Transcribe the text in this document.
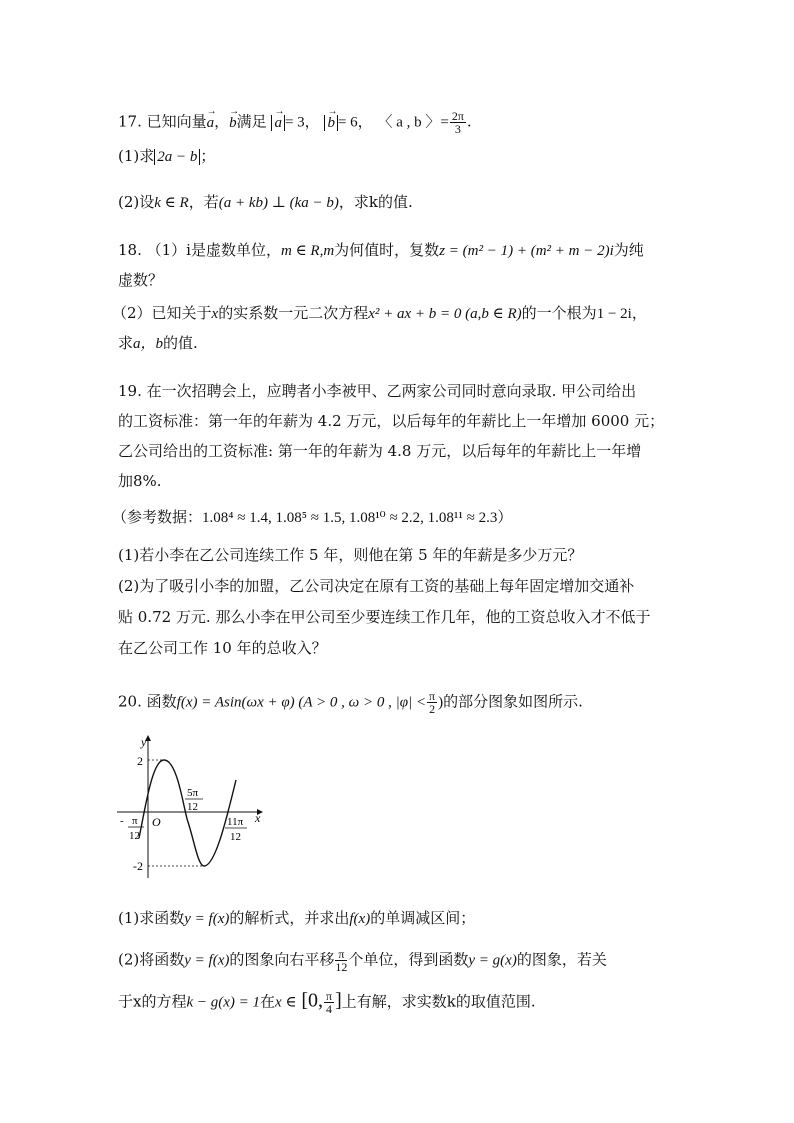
17. 已知向量→ a，→ b满足 → a = 3， → b = 6， 〈 a , b 〉= $\frac{2\pi}{3}$ .
(1)求 2a − b ；
(2)设k ∈ R，若(a + kb) ⊥ (ka − b)，求k的值.
18. （1）i是虚数单位，m ∈ R,m为何值时，复数z = (m² − 1) + (m² + m − 2)i为纯
虚数？
（2）已知关于x的实系数一元二次方程x² + ax + b = 0 (a,b ∈ R)的一个根为1 − 2i，
求a，b的值.
19. 在一次招聘会上，应聘者小李被甲、乙两家公司同时意向录取. 甲公司给出
的工资标准：第一年的年薪为 4.2 万元，以后每年的年薪比上一年增加 6000 元；
乙公司给出的工资标准: 第一年的年薪为 4.8 万元，以后每年的年薪比上一年增
加8%.
（参考数据：1.08⁴ ≈ 1.4, 1.08⁵ ≈ 1.5, 1.08¹⁰ ≈ 2.2, 1.08¹¹ ≈ 2.3）
(1)若小李在乙公司连续工作 5 年，则他在第 5 年的年薪是多少万元？
(2)为了吸引小李的加盟，乙公司决定在原有工资的基础上每年固定增加交通补
贴 0.72 万元. 那么小李在甲公司至少要连续工作几年，他的工资总收入才不低于
在乙公司工作 10 年的总收入？
20. 函数f(x) = Asin(ωx + φ) (A > 0 , ω > 0 , $|\varphi| < \frac{\pi}{2}$ )的部分图象如图所示.
y
x
2
-2
O
- π
12
5π
12
11π
12
(1)求函数y = f(x)的解析式，并求出f(x)的单调减区间；
(2)将函数y = f(x)的图象向右平移 $\frac{\pi}{12}$ 个单位，得到函数y = g(x)的图象，若关
于x的方程k − g(x) = 1在x ∈ [0, $\frac{\pi}{4}$ ]上有解，求实数k的取值范围.
